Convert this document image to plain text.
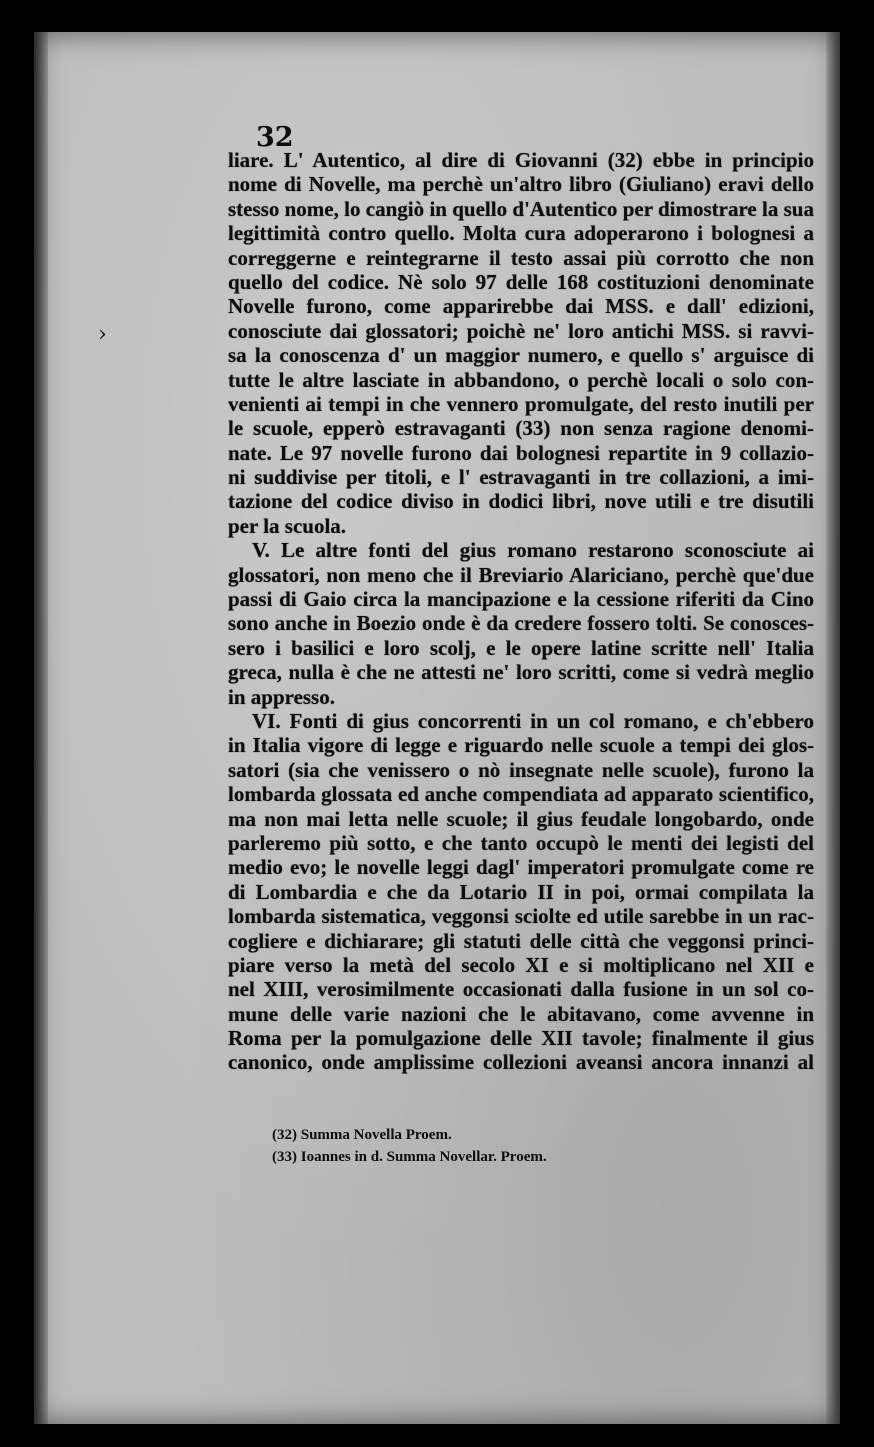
›
32
liare. L' Autentico, al dire di Giovanni (32) ebbe in principio
nome di Novelle, ma perchè un'altro libro (Giuliano) eravi dello
stesso nome, lo cangiò in quello d'Autentico per dimostrare la sua
legittimità contro quello. Molta cura adoperarono i bolognesi a
correggerne e reintegrarne il testo assai più corrotto che non
quello del codice. Nè solo 97 delle 168 costituzioni denominate
Novelle furono, come apparirebbe dai MSS. e dall' edizioni,
conosciute dai glossatori; poichè ne' loro antichi MSS. si ravvi-
sa la conoscenza d' un maggior numero, e quello s' arguisce di
tutte le altre lasciate in abbandono, o perchè locali o solo con-
venienti ai tempi in che vennero promulgate, del resto inutili per
le scuole, epperò estravaganti (33) non senza ragione denomi-
nate. Le 97 novelle furono dai bolognesi repartite in 9 collazio-
ni suddivise per titoli, e l' estravaganti in tre collazioni, a imi-
tazione del codice diviso in dodici libri, nove utili e tre disutili
per la scuola.
V. Le altre fonti del gius romano restarono sconosciute ai
glossatori, non meno che il Breviario Alariciano, perchè que'due
passi di Gaio circa la mancipazione e la cessione riferiti da Cino
sono anche in Boezio onde è da credere fossero tolti. Se conosces-
sero i basilici e loro scolj, e le opere latine scritte nell' Italia
greca, nulla è che ne attesti ne' loro scritti, come si vedrà meglio
in appresso.
VI. Fonti di gius concorrenti in un col romano, e ch'ebbero
in Italia vigore di legge e riguardo nelle scuole a tempi dei glos-
satori (sia che venissero o nò insegnate nelle scuole), furono la
lombarda glossata ed anche compendiata ad apparato scientifico,
ma non mai letta nelle scuole; il gius feudale longobardo, onde
parleremo più sotto, e che tanto occupò le menti dei legisti del
medio evo; le novelle leggi dagl' imperatori promulgate come re
di Lombardia e che da Lotario II in poi, ormai compilata la
lombarda sistematica, veggonsi sciolte ed utile sarebbe in un rac-
cogliere e dichiarare; gli statuti delle città che veggonsi princi-
piare verso la metà del secolo XI e si moltiplicano nel XII e
nel XIII, verosimilmente occasionati dalla fusione in un sol co-
mune delle varie nazioni che le abitavano, come avvenne in
Roma per la pomulgazione delle XII tavole; finalmente il gius
canonico, onde amplissime collezioni aveansi ancora innanzi al
(32) Summa Novella Proem.
(33) Ioannes in d. Summa Novellar. Proem.
